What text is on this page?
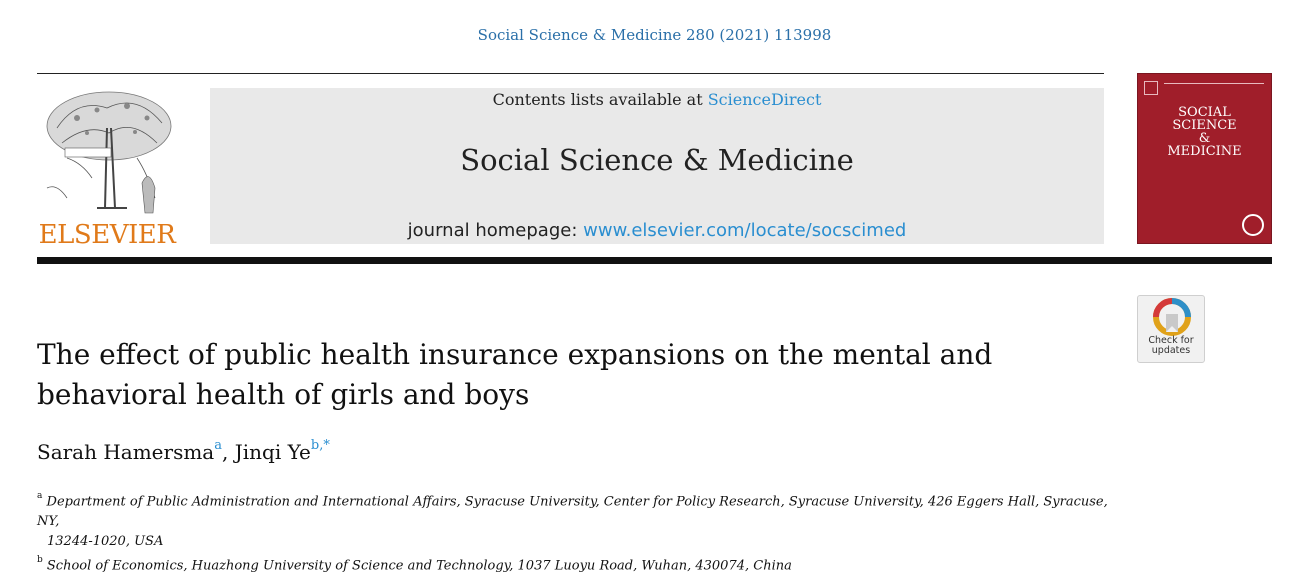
Social Science & Medicine 280 (2021) 113998
ELSEVIER
Contents lists available at ScienceDirect
Social Science & Medicine
journal homepage: www.elsevier.com/locate/socscimed
SOCIAL
SCIENCE
&
MEDICINE
Check for
updates
The effect of public health insurance expansions on the mental and
behavioral health of girls and boys
Sarah Hamersma$^a$, Jinqi $Ye^{b,*}$
$^a$ Department of Public Administration and International Affairs, Syracuse University, Center for Policy Research, Syracuse University, 426 Eggers Hall, Syracuse, NY,
13244-1020, USA
$^b$ School of Economics, Huazhong University of Science and Technology, 1037 Luoyu Road, Wuhan, 430074, China
